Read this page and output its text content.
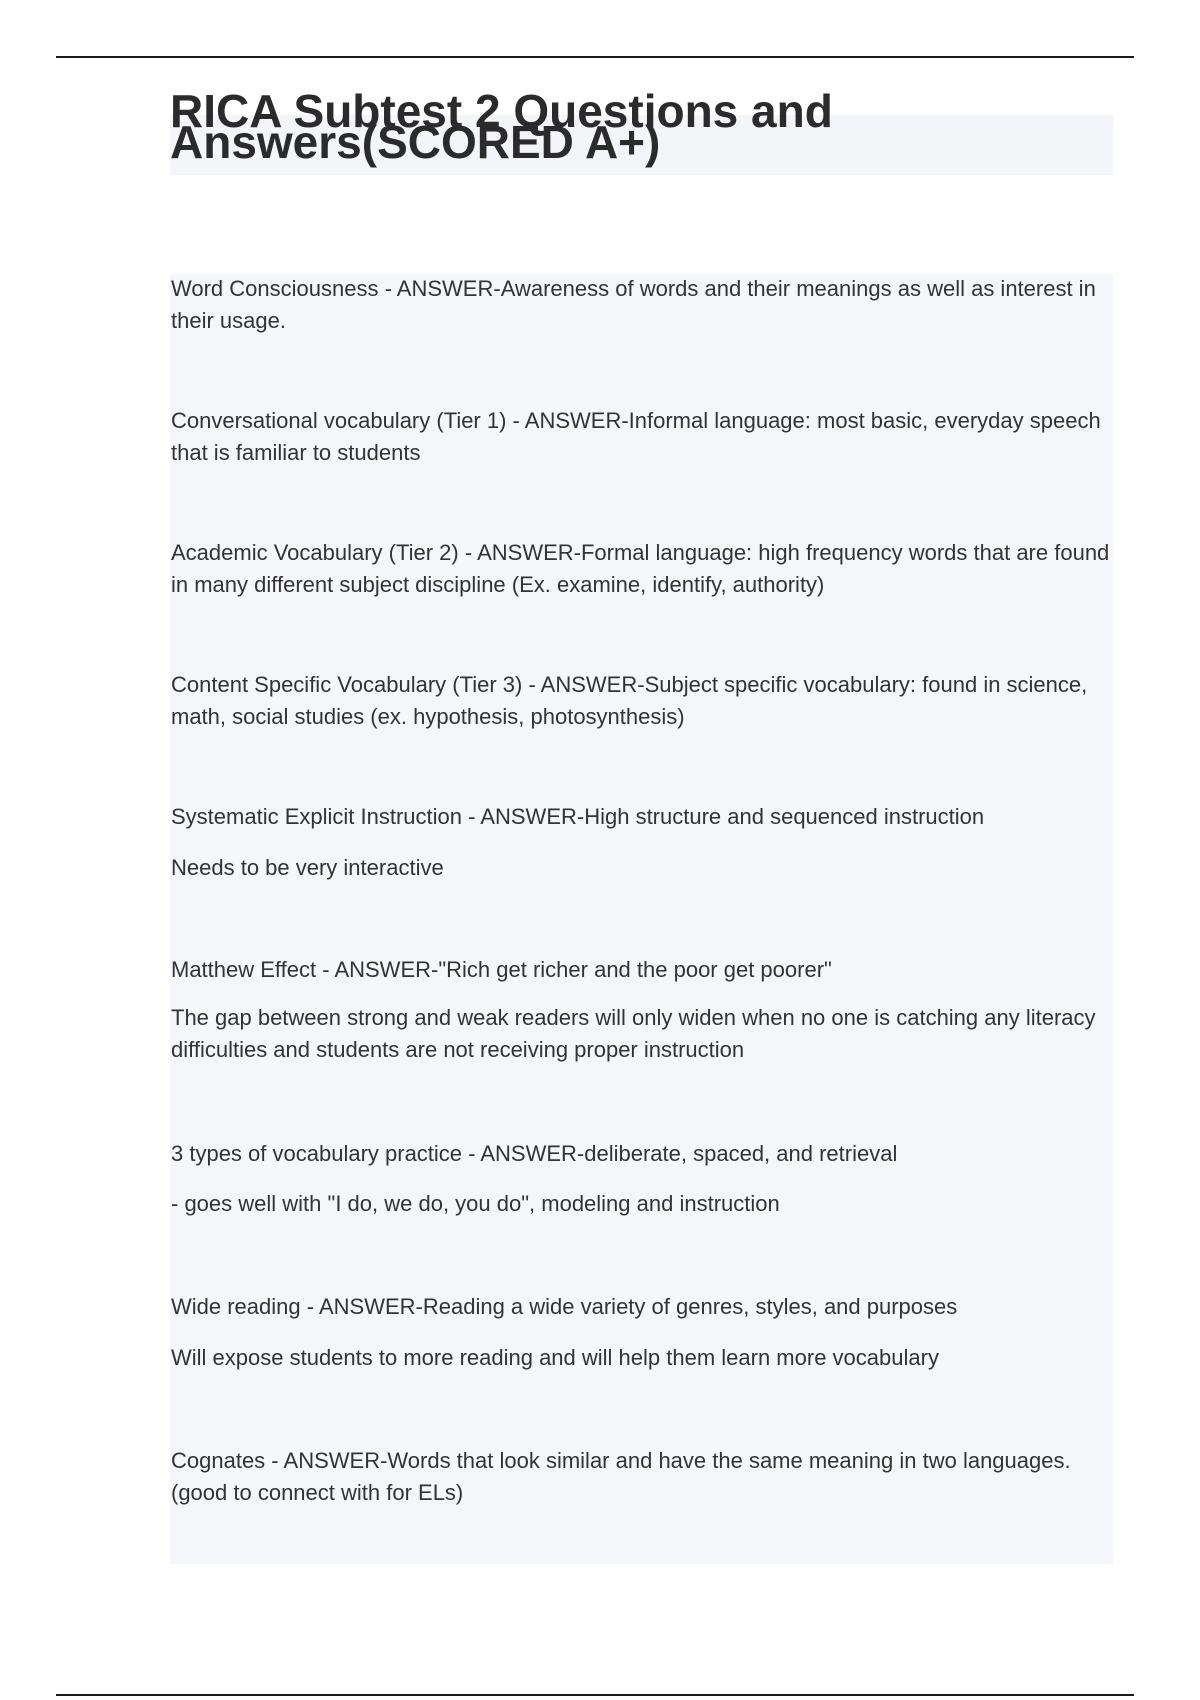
RICA Subtest 2 Questions and Answers(SCORED A+)

Word Consciousness - ANSWER-Awareness of words and their meanings as well as interest in their usage.

Conversational vocabulary (Tier 1) - ANSWER-Informal language: most basic, everyday speech that is familiar to students

Academic Vocabulary (Tier 2) - ANSWER-Formal language: high frequency words that are found in many different subject discipline (Ex. examine, identify, authority)

Content Specific Vocabulary (Tier 3) - ANSWER-Subject specific vocabulary: found in science, math, social studies (ex. hypothesis, photosynthesis)

Systematic Explicit Instruction - ANSWER-High structure and sequenced instruction

Needs to be very interactive

Matthew Effect - ANSWER-"Rich get richer and the poor get poorer"

The gap between strong and weak readers will only widen when no one is catching any literacy difficulties and students are not receiving proper instruction

3 types of vocabulary practice - ANSWER-deliberate, spaced, and retrieval

- goes well with "I do, we do, you do", modeling and instruction

Wide reading - ANSWER-Reading a wide variety of genres, styles, and purposes

Will expose students to more reading and will help them learn more vocabulary

Cognates - ANSWER-Words that look similar and have the same meaning in two languages. (good to connect with for ELs)
